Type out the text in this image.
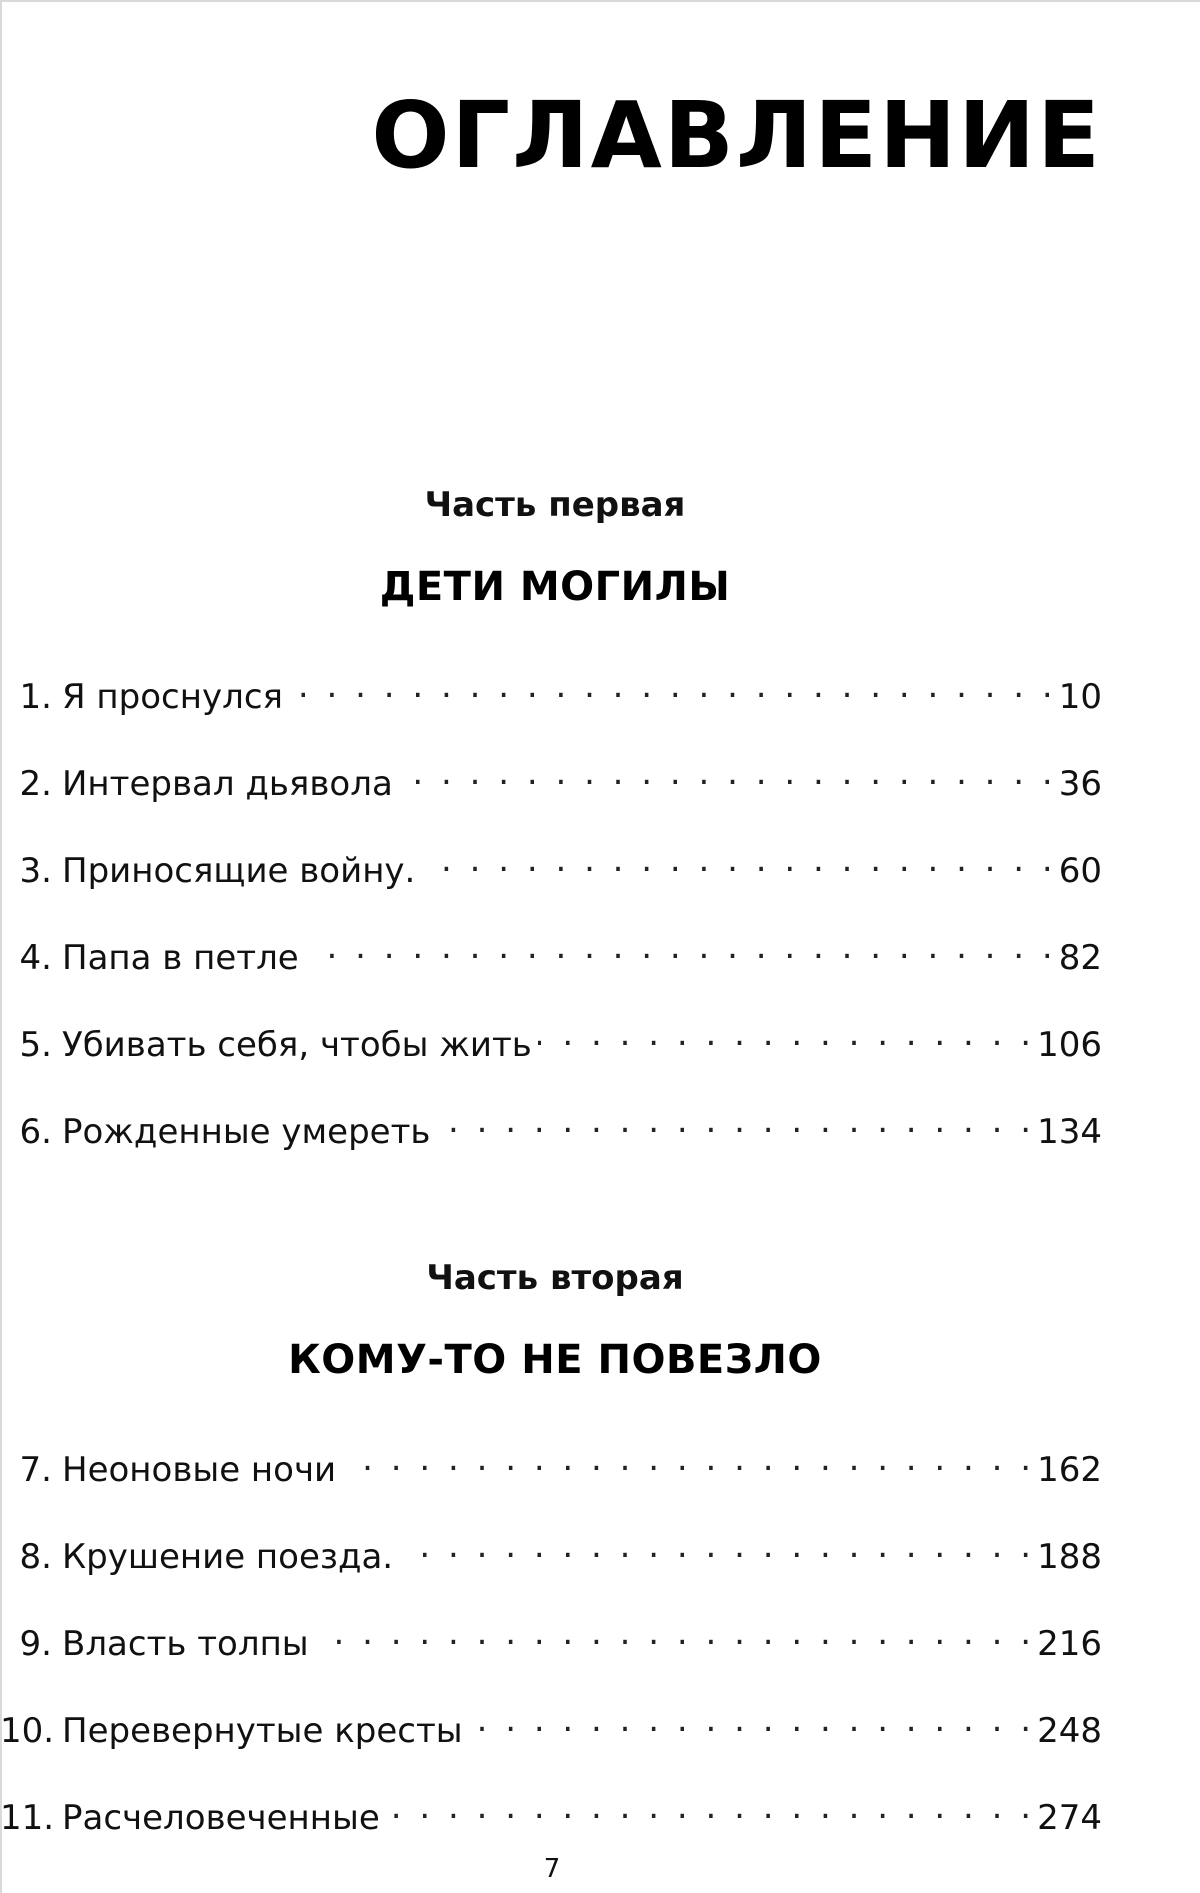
ОГЛАВЛЕНИЕ
Часть первая
ДЕТИ МОГИЛЫ
1. Я проснулся . . .	10
2. Интервал дьявола . . .	36
3. Приносящие войну. . . .	60
4. Папа в петле . . .	82
5. Убивать себя, чтобы жить . . .	106
6. Рожденные умереть . . .	134
Часть вторая
КОМУ-ТО НЕ ПОВЕЗЛО
7. Неоновые ночи . . .	162
8. Крушение поезда. . . .	188
9. Власть толпы . . .	216
10. Перевернутые кресты . . .	248
11. Расчеловеченные . . .	274
7
